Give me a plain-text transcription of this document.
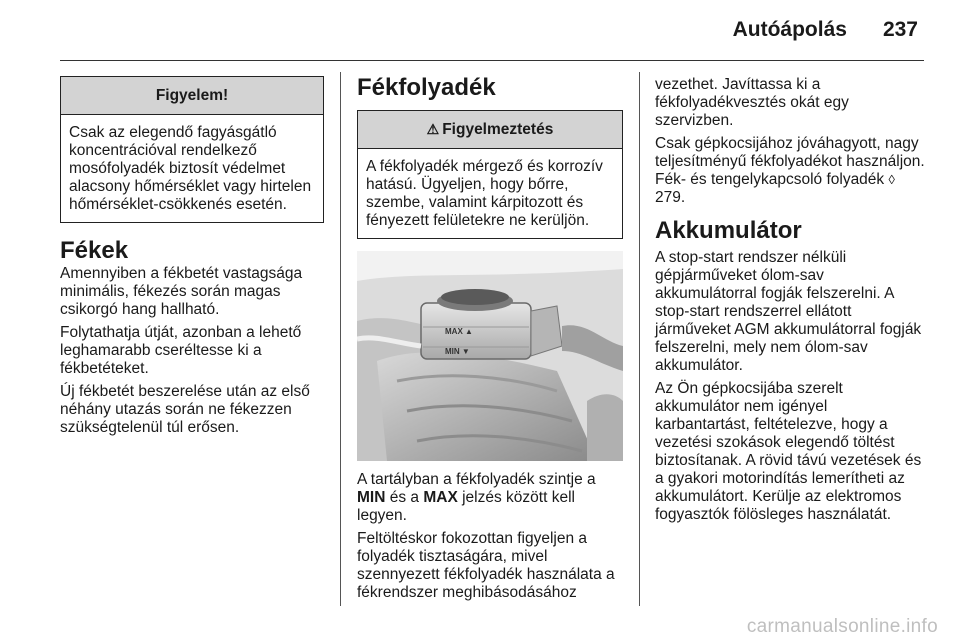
Autóápolás 237
Figyelem!
Csak az elegendő fagyásgátló koncentrációval rendelkező mosófolyadék biztosít védelmet alacsony hőmérséklet vagy hirtelen hőmérséklet-csökkenés esetén.
Fékek

Amennyiben a fékbetét vastagsága minimális, fékezés során magas csikorgó hang hallható.

Folytathatja útját, azonban a lehető leghamarabb cseréltesse ki a fékbetéteket.

Új fékbetét beszerelése után az első néhány utazás során ne fékezzen szükségtelenül túl erősen.

Fékfolyadék
⚠ Figyelmeztetés
A fékfolyadék mérgező és korrozív hatású. Ügyeljen, hogy bőrre, szembe, valamint kárpitozott és fényezett felületekre ne kerüljön.
MAX ▲
MIN ▼

A tartályban a fékfolyadék szintje a MIN és a MAX jelzés között kell legyen.

Feltöltéskor fokozottan figyeljen a folyadék tisztaságára, mivel szennyezett fékfolyadék használata a fékrendszer meghibásodásához

vezethet. Javíttassa ki a fékfolyadékvesztés okát egy szervizben.

Csak gépkocsijához jóváhagyott, nagy teljesítményű fékfolyadékot használjon. Fék- és tengelykapcsoló folyadék ◊ 279.

Akkumulátor

A stop-start rendszer nélküli gépjárműveket ólom-sav akkumulátorral fogják felszerelni. A stop-start rendszerrel ellátott járműveket AGM akkumulátorral fogják felszerelni, mely nem ólom-sav akkumulátor.

Az Ön gépkocsijába szerelt akkumulátor nem igényel karbantartást, feltételezve, hogy a vezetési szokások elegendő töltést biztosítanak. A rövid távú vezetések és a gyakori motorindítás lemerítheti az akkumulátort. Kerülje az elektromos fogyasztók fölösleges használatát.

carmanualsonline.info
